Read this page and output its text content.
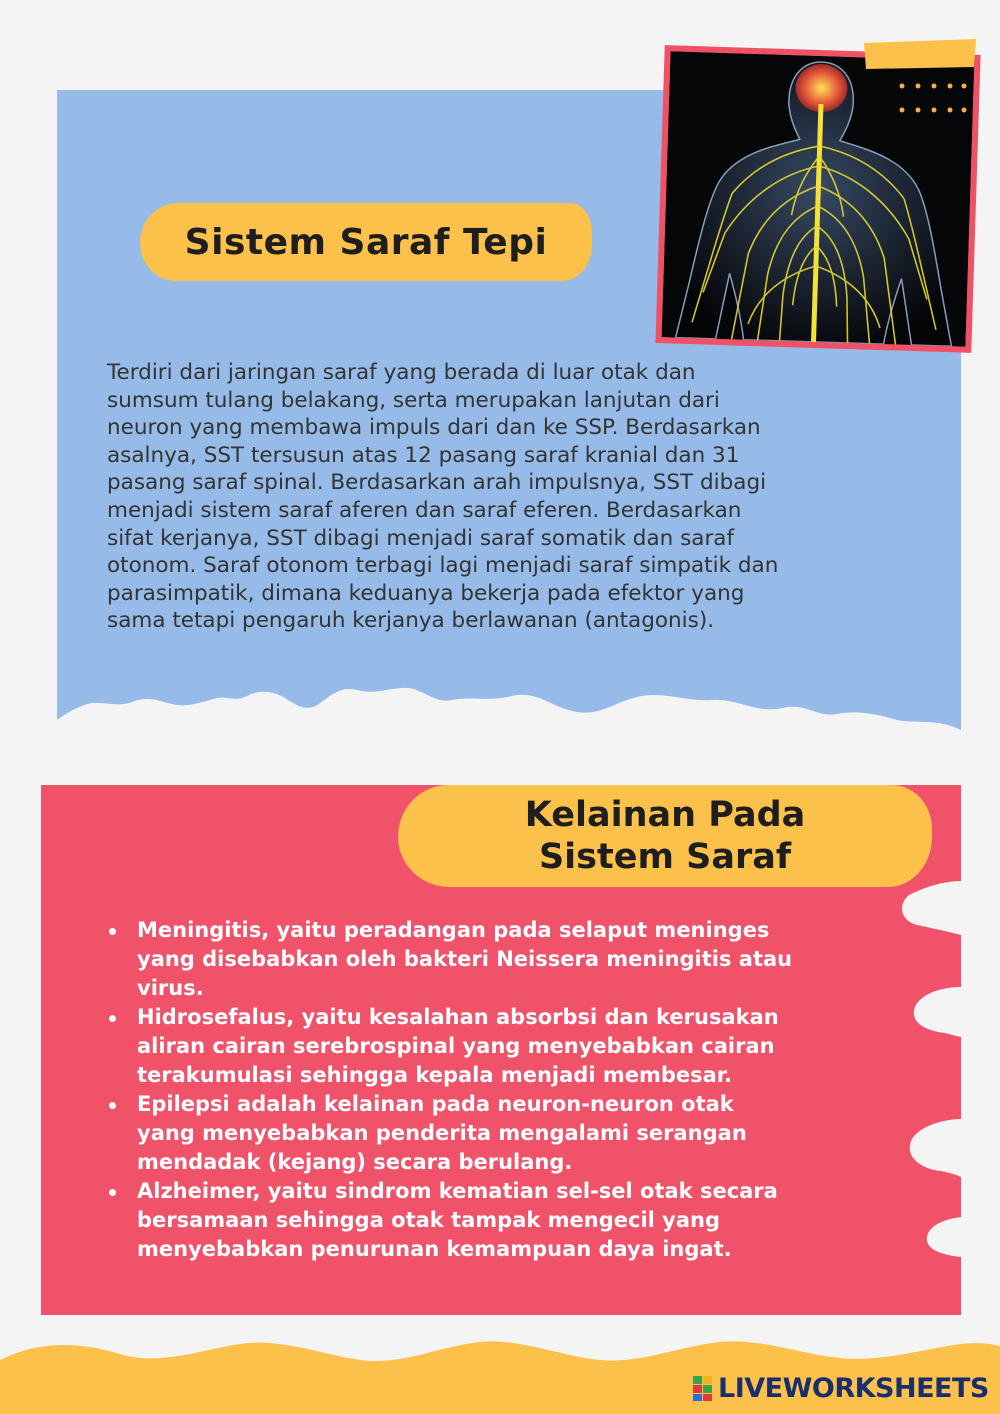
Sistem Saraf Tepi

Terdiri dari jaringan saraf yang berada di luar otak dan
sumsum tulang belakang, serta merupakan lanjutan dari
neuron yang membawa impuls dari dan ke SSP. Berdasarkan
asalnya, SST tersusun atas 12 pasang saraf kranial dan 31
pasang saraf spinal. Berdasarkan arah impulsnya, SST dibagi
menjadi sistem saraf aferen dan saraf eferen. Berdasarkan
sifat kerjanya, SST dibagi menjadi saraf somatik dan saraf
otonom. Saraf otonom terbagi lagi menjadi saraf simpatik dan
parasimpatik, dimana keduanya bekerja pada efektor yang
sama tetapi pengaruh kerjanya berlawanan (antagonis).

Kelainan Pada
Sistem Saraf
Meningitis, yaitu peradangan pada selaput meninges
yang disebabkan oleh bakteri Neissera meningitis atau
virus.
Hidrosefalus, yaitu kesalahan absorbsi dan kerusakan
aliran cairan serebrospinal yang menyebabkan cairan
terakumulasi sehingga kepala menjadi membesar.
Epilepsi adalah kelainan pada neuron-neuron otak
yang menyebabkan penderita mengalami serangan
mendadak (kejang) secara berulang.
Alzheimer, yaitu sindrom kematian sel-sel otak secara
bersamaan sehingga otak tampak mengecil yang
menyebabkan penurunan kemampuan daya ingat.
LIVEWORKSHEETS
